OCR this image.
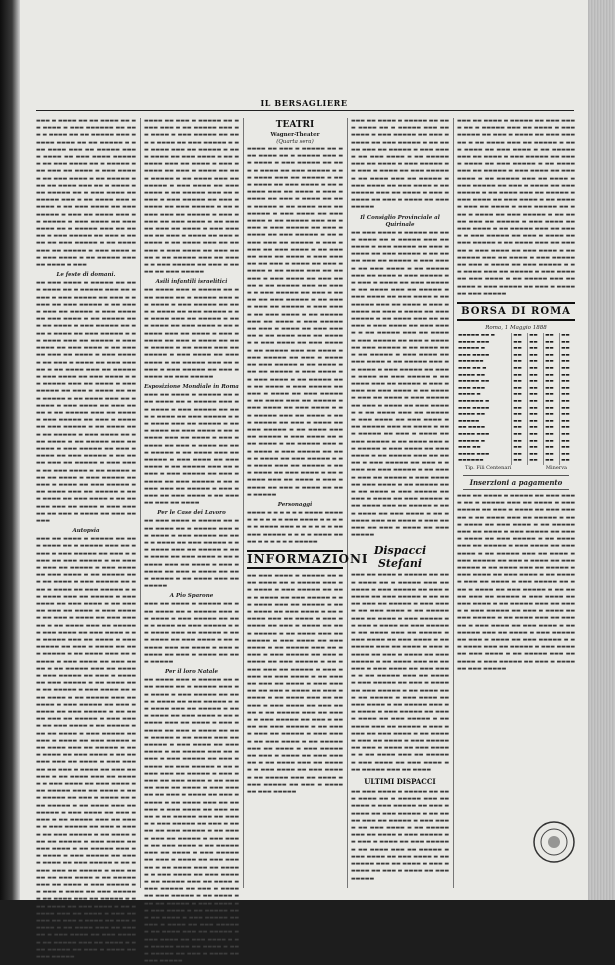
IL BERSAGLIERE
▬▬▬ ▬ ▬▬▬▬ ▬▬ ▬▬ ▬▬▬▬ ▬▬ ▬▬ ▬▬▬▬ ▬ ▬▬▬ ▬▬▬▬▬▬ ▬▬ ▬▬▬ ▬ ▬▬▬▬ ▬▬ ▬▬ ▬▬▬▬▬ ▬▬▬ ▬ ▬▬▬▬ ▬▬▬▬ ▬▬ ▬▬ ▬▬▬▬▬ ▬ ▬▬▬ ▬▬▬▬ ▬▬▬ ▬▬ ▬▬▬▬▬ ▬▬▬ ▬ ▬▬▬▬ ▬▬ ▬▬▬ ▬▬▬▬ ▬▬▬▬▬ ▬ ▬▬ ▬▬▬ ▬▬▬▬ ▬▬ ▬ ▬▬▬▬▬ ▬▬▬ ▬▬▬ ▬▬ ▬▬▬▬ ▬ ▬▬▬ ▬▬▬▬▬ ▬▬ ▬▬▬ ▬▬▬▬ ▬ ▬▬ ▬▬▬▬▬ ▬▬▬ ▬▬ ▬▬▬▬ ▬▬▬ ▬▬ ▬ ▬▬▬▬ ▬▬▬ ▬▬▬▬▬ ▬▬ ▬ ▬▬▬ ▬▬▬▬ ▬▬ ▬▬▬▬▬ ▬▬▬ ▬ ▬▬ ▬▬▬▬ ▬▬▬ ▬▬▬▬▬ ▬ ▬▬ ▬▬▬ ▬▬▬▬ ▬▬ ▬▬▬ ▬▬▬▬▬ ▬ ▬▬▬ ▬▬ ▬▬▬▬ ▬▬▬ ▬▬ ▬▬▬▬▬ ▬ ▬▬▬ ▬▬▬▬ ▬▬ ▬▬▬ ▬▬▬▬ ▬▬ ▬ ▬▬▬▬▬ ▬▬▬ ▬▬ ▬▬▬▬ ▬ ▬▬▬ ▬▬▬▬▬ ▬▬ ▬▬▬ ▬ ▬▬▬▬ ▬▬ ▬▬▬ ▬▬▬▬▬ ▬ ▬▬ ▬▬▬▬ ▬▬▬ ▬▬ ▬▬▬▬▬ ▬ ▬▬▬ ▬▬▬▬ ▬▬ ▬▬▬ ▬▬▬▬ ▬ ▬▬ ▬▬▬▬▬ ▬▬▬ ▬▬ ▬▬▬▬ ▬ ▬▬▬
Le feste di domani.
▬▬ ▬▬▬ ▬▬▬▬ ▬ ▬▬▬▬▬ ▬▬ ▬▬▬ ▬▬▬▬ ▬▬ ▬ ▬▬▬▬▬ ▬▬▬ ▬▬ ▬▬▬▬ ▬ ▬▬▬ ▬▬▬▬▬ ▬▬ ▬▬▬ ▬ ▬▬▬▬ ▬▬ ▬▬▬ ▬▬▬▬▬ ▬ ▬▬ ▬▬▬▬ ▬▬▬ ▬▬ ▬▬▬▬▬ ▬ ▬▬▬ ▬▬▬▬ ▬▬ ▬▬▬ ▬▬▬▬ ▬ ▬▬ ▬▬▬▬▬ ▬▬▬ ▬▬ ▬▬▬▬ ▬ ▬▬▬ ▬▬▬▬▬ ▬▬ ▬▬▬ ▬ ▬▬▬▬ ▬▬ ▬▬▬ ▬▬▬▬▬ ▬ ▬▬ ▬▬▬▬ ▬▬▬ ▬▬ ▬▬▬▬▬ ▬ ▬▬▬ ▬▬▬▬ ▬▬ ▬▬▬ ▬▬▬▬ ▬ ▬▬ ▬▬▬▬▬ ▬▬▬ ▬▬ ▬▬▬▬ ▬ ▬▬▬ ▬▬▬▬▬ ▬▬ ▬▬▬ ▬ ▬▬▬▬ ▬▬ ▬▬▬ ▬▬▬▬▬ ▬ ▬▬ ▬▬▬▬ ▬▬▬ ▬▬ ▬▬▬▬▬ ▬ ▬▬▬ ▬▬▬▬ ▬▬ ▬▬▬ ▬▬▬▬ ▬ ▬▬ ▬▬▬▬▬ ▬▬▬ ▬▬ ▬▬▬▬ ▬ ▬▬▬ ▬▬▬▬▬ ▬▬ ▬▬▬ ▬ ▬▬▬▬ ▬▬ ▬▬▬ ▬▬▬▬▬ ▬ ▬▬ ▬▬▬▬ ▬▬▬ ▬▬ ▬▬▬▬▬ ▬ ▬▬▬ ▬▬▬▬ ▬▬ ▬▬▬ ▬▬▬▬ ▬ ▬▬ ▬▬▬▬▬ ▬▬▬ ▬▬ ▬▬▬▬ ▬ ▬▬▬ ▬▬▬▬▬ ▬▬ ▬▬▬ ▬ ▬▬▬▬ ▬▬ ▬▬▬ ▬▬▬▬▬ ▬ ▬▬ ▬▬▬▬ ▬▬▬ ▬▬ ▬▬▬▬▬ ▬ ▬▬▬ ▬▬▬▬ ▬▬ ▬▬▬ ▬▬▬▬ ▬ ▬▬ ▬▬▬▬▬ ▬▬▬ ▬▬ ▬▬▬▬ ▬ ▬▬▬ ▬▬▬▬▬ ▬▬ ▬▬▬ ▬ ▬▬▬▬ ▬▬ ▬▬▬ ▬▬▬▬▬ ▬ ▬▬ ▬▬▬▬ ▬▬▬ ▬▬ ▬▬▬▬▬ ▬ ▬▬▬ ▬▬▬▬ ▬▬ ▬▬▬ ▬▬▬▬ ▬ ▬▬ ▬▬▬▬▬ ▬▬▬ ▬▬ ▬▬▬▬ ▬ ▬▬▬ ▬▬▬▬▬ ▬▬ ▬▬▬ ▬ ▬▬▬▬ ▬▬ ▬▬▬ ▬▬▬▬▬ ▬ ▬▬ ▬▬▬▬ ▬▬▬ ▬▬ ▬▬▬▬▬ ▬ ▬▬▬ ▬▬▬▬ ▬▬ ▬▬▬ ▬▬▬▬ ▬ ▬▬ ▬▬▬▬▬ ▬▬▬ ▬▬ ▬▬▬▬ ▬ ▬▬▬ ▬▬▬▬▬ ▬▬ ▬▬▬ ▬ ▬▬▬▬ ▬▬ ▬▬▬ ▬▬▬▬▬
Autopsia
▬▬▬ ▬▬ ▬▬▬▬ ▬ ▬▬▬▬▬ ▬▬ ▬▬▬ ▬▬▬▬ ▬▬ ▬ ▬▬▬▬▬ ▬▬▬ ▬▬ ▬▬▬▬ ▬ ▬▬▬ ▬▬▬▬▬ ▬▬ ▬▬▬ ▬ ▬▬▬▬ ▬▬ ▬▬▬ ▬▬▬▬▬ ▬ ▬▬ ▬▬▬▬ ▬▬▬ ▬▬ ▬▬▬▬▬ ▬ ▬▬▬ ▬▬▬▬ ▬▬ ▬▬▬ ▬▬▬▬ ▬ ▬▬ ▬▬▬▬▬ ▬▬▬ ▬▬ ▬▬▬▬ ▬ ▬▬▬ ▬▬▬▬▬ ▬▬ ▬▬▬ ▬ ▬▬▬▬ ▬▬ ▬▬▬ ▬▬▬▬▬ ▬ ▬▬ ▬▬▬▬ ▬▬▬ ▬▬ ▬▬▬▬▬ ▬ ▬▬▬ ▬▬▬▬ ▬▬ ▬▬▬ ▬▬▬▬ ▬ ▬▬ ▬▬▬▬▬ ▬▬▬ ▬▬ ▬▬▬▬ ▬ ▬▬▬ ▬▬▬▬▬ ▬▬ ▬▬▬ ▬ ▬▬▬▬ ▬▬ ▬▬▬ ▬▬▬▬▬ ▬ ▬▬ ▬▬▬▬ ▬▬▬ ▬▬ ▬▬▬▬▬ ▬ ▬▬▬ ▬▬▬▬ ▬▬ ▬▬▬ ▬▬▬▬ ▬ ▬▬ ▬▬▬▬▬ ▬▬▬ ▬▬ ▬▬▬▬ ▬ ▬▬▬ ▬▬▬▬▬ ▬▬ ▬▬▬ ▬ ▬▬▬▬ ▬▬ ▬▬▬ ▬▬▬▬▬ ▬ ▬▬ ▬▬▬▬ ▬▬▬ ▬▬ ▬▬▬▬▬ ▬ ▬▬▬ ▬▬▬▬ ▬▬ ▬▬▬ ▬▬▬▬ ▬ ▬▬ ▬▬▬▬▬ ▬▬▬ ▬▬ ▬▬▬▬ ▬ ▬▬▬ ▬▬▬▬▬ ▬▬ ▬▬▬ ▬ ▬▬▬▬ ▬▬ ▬▬▬ ▬▬▬▬▬ ▬ ▬▬ ▬▬▬▬ ▬▬▬ ▬▬ ▬▬▬▬▬ ▬ ▬▬▬ ▬▬▬▬ ▬▬ ▬▬▬ ▬▬▬▬ ▬ ▬▬ ▬▬▬▬▬ ▬▬▬ ▬▬ ▬▬▬▬ ▬ ▬▬▬ ▬▬▬▬▬ ▬▬ ▬▬▬ ▬ ▬▬▬▬ ▬▬ ▬▬▬ ▬▬▬▬▬ ▬ ▬▬ ▬▬▬▬ ▬▬▬ ▬▬ ▬▬▬▬▬ ▬ ▬▬▬ ▬▬▬▬ ▬▬ ▬▬▬ ▬▬▬▬ ▬ ▬▬ ▬▬▬▬▬ ▬▬▬ ▬▬ ▬▬▬▬ ▬ ▬▬▬ ▬▬▬▬▬ ▬▬ ▬▬▬ ▬ ▬▬▬▬ ▬▬ ▬▬▬ ▬▬▬▬▬ ▬ ▬▬ ▬▬▬▬ ▬▬▬ ▬▬ ▬▬▬▬▬ ▬ ▬▬▬ ▬▬▬▬ ▬▬ ▬▬▬ ▬▬▬▬ ▬ ▬▬ ▬▬▬▬▬ ▬▬▬ ▬▬ ▬▬▬▬ ▬ ▬▬▬ ▬▬▬▬▬ ▬▬ ▬▬▬ ▬ ▬▬▬▬ ▬▬ ▬▬▬ ▬▬▬▬▬ ▬ ▬▬ ▬▬▬▬ ▬▬▬ ▬▬ ▬▬▬▬▬ ▬ ▬▬▬ ▬▬▬▬ ▬▬ ▬▬▬ ▬▬▬▬ ▬ ▬▬ ▬▬▬▬▬ ▬▬▬ ▬▬ ▬▬▬▬ ▬ ▬▬▬ ▬▬▬▬▬ ▬▬ ▬▬▬ ▬ ▬▬▬▬ ▬▬ ▬▬▬ ▬▬▬▬▬ ▬ ▬▬ ▬▬▬▬ ▬▬▬ ▬▬ ▬▬▬▬▬ ▬ ▬▬▬ ▬▬▬▬ ▬▬ ▬▬▬ ▬▬▬▬ ▬ ▬▬ ▬▬▬▬▬ ▬▬▬ ▬▬ ▬▬▬▬ ▬ ▬▬▬ ▬▬▬▬▬ ▬▬ ▬▬▬ ▬ ▬▬▬▬ ▬▬ ▬▬▬ ▬▬▬▬▬ ▬ ▬▬ ▬▬▬▬ ▬▬▬ ▬▬ ▬▬▬▬▬ ▬ ▬▬▬ ▬▬▬▬ ▬▬ ▬▬▬ ▬▬▬▬ ▬ ▬▬ ▬▬▬▬▬ ▬▬▬ ▬▬ ▬▬▬▬ ▬ ▬▬▬ ▬▬▬▬▬ ▬▬ ▬▬▬ ▬ ▬▬▬▬ ▬▬ ▬▬▬ ▬▬▬▬▬ ▬ ▬▬ ▬▬▬▬ ▬▬▬ ▬▬ ▬▬▬▬▬ ▬ ▬▬▬ ▬▬▬▬ ▬▬ ▬▬▬ ▬▬▬▬ ▬ ▬▬ ▬▬▬▬▬ ▬▬▬ ▬▬ ▬▬▬▬ ▬ ▬▬▬ ▬▬▬▬▬ ▬▬ ▬▬▬ ▬ ▬▬▬▬ ▬▬ ▬▬▬ ▬▬▬▬▬ ▬ ▬▬ ▬▬▬▬ ▬▬▬ ▬▬ ▬▬▬▬▬ ▬ ▬▬▬ ▬▬▬▬ ▬▬ ▬▬▬ ▬▬▬▬ ▬ ▬▬ ▬▬▬▬▬ ▬▬▬ ▬▬ ▬▬▬▬ ▬ ▬▬▬ ▬▬▬▬▬ ▬▬ ▬▬▬ ▬ ▬▬▬▬ ▬▬ ▬▬▬ ▬▬▬▬▬ ▬ ▬▬ ▬▬▬▬ ▬▬▬ ▬▬ ▬▬▬▬▬ ▬ ▬▬▬ ▬▬▬▬ ▬▬ ▬▬▬ ▬▬▬▬ ▬ ▬▬ ▬▬▬▬▬ ▬▬▬ ▬▬ ▬▬▬▬ ▬ ▬▬▬ ▬▬▬▬▬ ▬▬ ▬▬▬ ▬ ▬▬▬▬ ▬▬ ▬▬▬ ▬▬▬▬▬
▬▬▬▬ ▬▬ ▬▬▬ ▬ ▬▬▬▬▬ ▬▬ ▬▬▬▬ ▬▬▬ ▬ ▬▬ ▬▬▬▬▬ ▬▬▬ ▬▬ ▬▬▬▬ ▬ ▬▬▬ ▬▬▬▬▬ ▬▬ ▬▬▬ ▬ ▬▬▬▬ ▬▬ ▬▬▬ ▬▬▬▬▬ ▬ ▬▬ ▬▬▬▬ ▬▬▬ ▬▬ ▬▬▬▬▬ ▬ ▬▬▬ ▬▬▬▬ ▬▬ ▬▬▬ ▬▬▬▬ ▬ ▬▬ ▬▬▬▬▬ ▬▬▬ ▬▬ ▬▬▬▬ ▬ ▬▬▬ ▬▬▬▬▬ ▬▬ ▬▬▬ ▬ ▬▬▬▬ ▬▬ ▬▬▬ ▬▬▬▬▬ ▬ ▬▬ ▬▬▬▬ ▬▬▬ ▬▬ ▬▬▬▬▬ ▬ ▬▬▬ ▬▬▬▬ ▬▬ ▬▬▬ ▬▬▬▬ ▬ ▬▬ ▬▬▬▬▬ ▬▬▬ ▬▬ ▬▬▬▬ ▬ ▬▬▬ ▬▬▬▬▬ ▬▬ ▬▬▬ ▬ ▬▬▬▬ ▬▬ ▬▬▬ ▬▬▬▬▬ ▬ ▬▬ ▬▬▬▬ ▬▬▬ ▬▬ ▬▬▬▬▬ ▬ ▬▬▬ ▬▬▬▬ ▬▬ ▬▬▬ ▬▬▬▬ ▬ ▬▬ ▬▬▬▬▬ ▬▬▬ ▬▬ ▬▬▬▬ ▬ ▬▬▬ ▬▬▬▬▬ ▬▬ ▬▬▬ ▬ ▬▬▬▬ ▬▬ ▬▬▬ ▬▬▬▬▬ ▬ ▬▬ ▬▬▬▬ ▬▬▬ ▬▬ ▬▬▬▬▬ ▬ ▬▬▬ ▬▬▬▬ ▬▬ ▬▬▬ ▬▬▬▬ ▬ ▬▬ ▬▬▬▬▬ ▬▬▬ ▬▬ ▬▬▬▬ ▬ ▬▬▬ ▬▬▬▬▬ ▬▬ ▬▬▬ ▬ ▬▬▬▬ ▬▬ ▬▬▬ ▬▬▬▬▬
Asili infantili israelitici
▬▬ ▬▬▬▬ ▬▬▬ ▬ ▬▬▬▬▬ ▬▬ ▬▬▬ ▬▬▬▬ ▬▬ ▬ ▬▬▬▬▬ ▬▬▬ ▬▬ ▬▬▬▬ ▬ ▬▬▬ ▬▬▬▬▬ ▬▬ ▬▬▬ ▬ ▬▬▬▬ ▬▬ ▬▬▬ ▬▬▬▬▬ ▬ ▬▬ ▬▬▬▬ ▬▬▬ ▬▬ ▬▬▬▬▬ ▬ ▬▬▬ ▬▬▬▬ ▬▬ ▬▬▬ ▬▬▬▬ ▬ ▬▬ ▬▬▬▬▬ ▬▬▬ ▬▬ ▬▬▬▬ ▬ ▬▬▬ ▬▬▬▬▬ ▬▬ ▬▬▬ ▬ ▬▬▬▬ ▬▬ ▬▬▬ ▬▬▬▬▬ ▬ ▬▬ ▬▬▬▬ ▬▬▬ ▬▬ ▬▬▬▬▬ ▬ ▬▬▬ ▬▬▬▬ ▬▬ ▬▬▬ ▬▬▬▬ ▬ ▬▬ ▬▬▬▬▬ ▬▬▬ ▬▬ ▬▬▬▬ ▬ ▬▬▬ ▬▬▬▬▬ ▬▬ ▬▬▬ ▬ ▬▬▬▬ ▬▬ ▬▬▬ ▬▬▬▬▬
Esposizione Mondiale in Roma
▬▬▬ ▬▬ ▬▬▬▬ ▬ ▬▬▬▬▬ ▬▬ ▬▬▬ ▬▬▬▬ ▬▬ ▬ ▬▬▬▬▬ ▬▬▬ ▬▬ ▬▬▬▬ ▬ ▬▬▬ ▬▬▬▬▬ ▬▬ ▬▬▬ ▬ ▬▬▬▬ ▬▬ ▬▬▬ ▬▬▬▬▬ ▬ ▬▬ ▬▬▬▬ ▬▬▬ ▬▬ ▬▬▬▬▬ ▬ ▬▬▬ ▬▬▬▬ ▬▬ ▬▬▬ ▬▬▬▬ ▬ ▬▬ ▬▬▬▬▬ ▬▬▬ ▬▬ ▬▬▬▬ ▬ ▬▬▬ ▬▬▬▬▬ ▬▬ ▬▬▬ ▬ ▬▬▬▬ ▬▬ ▬▬▬ ▬▬▬▬▬ ▬ ▬▬ ▬▬▬▬ ▬▬▬ ▬▬ ▬▬▬▬▬ ▬ ▬▬▬ ▬▬▬▬ ▬▬ ▬▬▬ ▬▬▬▬ ▬ ▬▬ ▬▬▬▬▬ ▬▬▬ ▬▬ ▬▬▬▬ ▬ ▬▬▬ ▬▬▬▬▬ ▬▬ ▬▬▬ ▬ ▬▬▬▬ ▬▬ ▬▬▬ ▬▬▬▬▬ ▬ ▬▬ ▬▬▬▬ ▬▬▬ ▬▬ ▬▬▬▬▬ ▬ ▬▬▬ ▬▬▬▬ ▬▬ ▬▬▬ ▬▬▬▬ ▬ ▬▬ ▬▬▬▬▬ ▬▬▬ ▬▬ ▬▬▬▬
Per le Case dei Lavoro
▬▬ ▬▬▬ ▬▬▬▬ ▬ ▬▬▬▬▬ ▬▬ ▬▬▬ ▬▬▬▬ ▬▬ ▬ ▬▬▬▬▬ ▬▬▬ ▬▬ ▬▬▬▬ ▬ ▬▬▬ ▬▬▬▬▬ ▬▬ ▬▬▬ ▬ ▬▬▬▬ ▬▬ ▬▬▬ ▬▬▬▬▬ ▬ ▬▬ ▬▬▬▬ ▬▬▬ ▬▬ ▬▬▬▬▬ ▬ ▬▬▬ ▬▬▬▬ ▬▬ ▬▬▬ ▬▬▬▬ ▬ ▬▬ ▬▬▬▬▬ ▬▬▬ ▬▬ ▬▬▬▬ ▬ ▬▬▬ ▬▬▬▬▬ ▬▬ ▬▬▬ ▬ ▬▬▬▬ ▬▬ ▬▬▬ ▬▬▬▬▬ ▬ ▬▬ ▬▬▬▬ ▬▬▬ ▬▬ ▬▬▬▬▬
A Pio Sparone
▬▬▬ ▬▬ ▬▬▬▬ ▬ ▬▬▬▬▬ ▬▬ ▬▬▬ ▬▬▬▬ ▬▬ ▬ ▬▬▬▬▬ ▬▬▬ ▬▬ ▬▬▬▬ ▬ ▬▬▬ ▬▬▬▬▬ ▬▬ ▬▬▬ ▬ ▬▬▬▬ ▬▬ ▬▬▬ ▬▬▬▬▬ ▬ ▬▬ ▬▬▬▬ ▬▬▬ ▬▬ ▬▬▬▬▬ ▬ ▬▬▬ ▬▬▬▬ ▬▬ ▬▬▬ ▬▬▬▬ ▬ ▬▬ ▬▬▬▬▬ ▬▬▬ ▬▬ ▬▬▬▬ ▬ ▬▬▬ ▬▬▬▬▬ ▬▬ ▬▬▬ ▬ ▬▬▬▬ ▬▬ ▬▬▬ ▬▬▬▬▬
Per il loro Natale
▬▬ ▬▬▬▬ ▬▬▬ ▬ ▬▬▬▬▬ ▬▬ ▬▬▬ ▬▬▬▬ ▬▬ ▬ ▬▬▬▬▬ ▬▬▬ ▬▬ ▬▬▬▬ ▬ ▬▬▬ ▬▬▬▬▬ ▬▬ ▬▬▬ ▬ ▬▬▬▬ ▬▬ ▬▬▬ ▬▬▬▬▬ ▬ ▬▬ ▬▬▬▬ ▬▬▬ ▬▬ ▬▬▬▬▬ ▬ ▬▬▬ ▬▬▬▬ ▬▬ ▬▬▬ ▬▬▬▬ ▬ ▬▬ ▬▬▬▬▬ ▬▬▬ ▬▬ ▬▬▬▬ ▬ ▬▬▬ ▬▬▬▬▬ ▬▬ ▬▬▬ ▬ ▬▬▬▬ ▬▬ ▬▬▬ ▬▬▬▬▬ ▬ ▬▬ ▬▬▬▬ ▬▬▬ ▬▬ ▬▬▬▬▬ ▬ ▬▬▬ ▬▬▬▬ ▬▬ ▬▬▬ ▬▬▬▬ ▬ ▬▬ ▬▬▬▬▬ ▬▬▬ ▬▬ ▬▬▬▬ ▬ ▬▬▬ ▬▬▬▬▬ ▬▬ ▬▬▬ ▬ ▬▬▬▬ ▬▬ ▬▬▬ ▬▬▬▬▬ ▬ ▬▬ ▬▬▬▬ ▬▬▬ ▬▬ ▬▬▬▬▬ ▬ ▬▬▬ ▬▬▬▬ ▬▬ ▬▬▬ ▬▬▬▬ ▬ ▬▬ ▬▬▬▬▬ ▬▬▬ ▬▬ ▬▬▬▬ ▬ ▬▬▬ ▬▬▬▬▬ ▬▬ ▬▬▬ ▬ ▬▬▬▬ ▬▬ ▬▬▬ ▬▬▬▬▬ ▬ ▬▬ ▬▬▬▬ ▬▬▬ ▬▬ ▬▬▬▬▬ ▬ ▬▬▬ ▬▬▬▬ ▬▬ ▬▬▬ ▬▬▬▬ ▬ ▬▬ ▬▬▬▬▬ ▬▬▬ ▬▬ ▬▬▬▬ ▬ ▬▬▬ ▬▬▬▬▬ ▬▬ ▬▬▬ ▬ ▬▬▬▬ ▬▬ ▬▬▬ ▬▬▬▬▬ ▬ ▬▬ ▬▬▬▬ ▬▬▬ ▬▬ ▬▬▬▬▬ ▬ ▬▬▬ ▬▬▬▬ ▬▬ ▬▬▬ ▬▬▬▬ ▬ ▬▬ ▬▬▬▬▬ ▬▬▬ ▬▬ ▬▬▬▬ ▬ ▬▬▬ ▬▬▬▬▬ ▬▬ ▬▬▬ ▬ ▬▬▬▬ ▬▬ ▬▬▬ ▬▬▬▬▬ ▬ ▬▬ ▬▬▬▬ ▬▬▬ ▬▬ ▬▬▬▬▬ ▬ ▬▬▬ ▬▬▬▬ ▬▬ ▬▬▬ ▬▬▬▬ ▬ ▬▬ ▬▬▬▬▬ ▬▬▬ ▬▬ ▬▬▬▬ ▬ ▬▬▬ ▬▬▬▬▬ ▬▬ ▬▬▬ ▬ ▬▬▬▬ ▬▬ ▬▬▬ ▬▬▬▬▬ ▬ ▬▬ ▬▬▬▬ ▬▬▬ ▬▬ ▬▬▬▬▬ ▬ ▬▬▬ ▬▬▬▬ ▬▬ ▬▬▬ ▬▬▬▬ ▬ ▬▬ ▬▬▬▬▬ ▬▬▬ ▬▬ ▬▬▬▬ ▬ ▬▬▬ ▬▬▬▬▬ ▬▬ ▬▬▬ ▬ ▬▬▬▬ ▬▬ ▬▬▬ ▬▬▬▬▬ ▬ ▬▬ ▬▬▬▬ ▬▬▬ ▬▬ ▬▬▬▬▬ ▬ ▬▬▬ ▬▬▬▬ ▬▬ ▬▬▬ ▬▬▬▬ ▬ ▬▬ ▬▬▬▬▬ ▬▬▬ ▬▬ ▬▬▬▬ ▬ ▬▬▬ ▬▬▬▬▬ ▬▬ ▬▬▬ ▬ ▬▬▬▬ ▬▬ ▬▬▬ ▬▬▬▬▬
TEATRI
Wagner-Theater
(Quarta sera)
▬▬▬▬ ▬▬ ▬▬▬ ▬ ▬▬▬▬▬ ▬▬ ▬▬▬ ▬▬▬▬ ▬▬ ▬ ▬▬▬▬▬ ▬▬▬ ▬▬ ▬▬▬▬ ▬ ▬▬▬ ▬▬▬▬▬ ▬▬ ▬▬▬ ▬ ▬▬▬▬ ▬▬ ▬▬▬ ▬▬▬▬▬ ▬ ▬▬ ▬▬▬▬ ▬▬▬ ▬▬ ▬▬▬▬▬ ▬ ▬▬▬ ▬▬▬▬ ▬▬ ▬▬▬ ▬▬▬▬ ▬ ▬▬ ▬▬▬▬▬ ▬▬▬ ▬▬ ▬▬▬▬ ▬ ▬▬▬ ▬▬▬▬▬ ▬▬ ▬▬▬ ▬ ▬▬▬▬ ▬▬ ▬▬▬ ▬▬▬▬▬ ▬ ▬▬ ▬▬▬▬ ▬▬▬ ▬▬ ▬▬▬▬▬ ▬ ▬▬▬ ▬▬▬▬ ▬▬ ▬▬▬ ▬▬▬▬ ▬ ▬▬ ▬▬▬▬▬ ▬▬▬ ▬▬ ▬▬▬▬ ▬ ▬▬▬ ▬▬▬▬▬ ▬▬ ▬▬▬ ▬ ▬▬▬▬ ▬▬ ▬▬▬ ▬▬▬▬▬ ▬ ▬▬ ▬▬▬▬ ▬▬▬ ▬▬ ▬▬▬▬▬ ▬ ▬▬▬ ▬▬▬▬ ▬▬ ▬▬▬ ▬▬▬▬ ▬ ▬▬ ▬▬▬▬▬ ▬▬▬ ▬▬ ▬▬▬▬ ▬ ▬▬▬ ▬▬▬▬▬ ▬▬ ▬▬▬ ▬ ▬▬▬▬ ▬▬ ▬▬▬ ▬▬▬▬▬ ▬ ▬▬ ▬▬▬▬ ▬▬▬ ▬▬ ▬▬▬▬▬ ▬ ▬▬▬ ▬▬▬▬ ▬▬ ▬▬▬ ▬▬▬▬ ▬ ▬▬ ▬▬▬▬▬ ▬▬▬ ▬▬ ▬▬▬▬ ▬ ▬▬▬ ▬▬▬▬▬ ▬▬ ▬▬▬ ▬ ▬▬▬▬ ▬▬ ▬▬▬ ▬▬▬▬▬ ▬ ▬▬ ▬▬▬▬ ▬▬▬ ▬▬ ▬▬▬▬▬ ▬ ▬▬▬ ▬▬▬▬ ▬▬ ▬▬▬ ▬▬▬▬ ▬ ▬▬ ▬▬▬▬▬ ▬▬▬ ▬▬ ▬▬▬▬ ▬ ▬▬▬ ▬▬▬▬▬ ▬▬ ▬▬▬ ▬ ▬▬▬▬ ▬▬ ▬▬▬ ▬▬▬▬▬ ▬ ▬▬ ▬▬▬▬ ▬▬▬ ▬▬ ▬▬▬▬▬ ▬ ▬▬▬ ▬▬▬▬ ▬▬ ▬▬▬ ▬▬▬▬ ▬ ▬▬ ▬▬▬▬▬ ▬▬▬ ▬▬ ▬▬▬▬ ▬ ▬▬▬ ▬▬▬▬▬ ▬▬ ▬▬▬ ▬ ▬▬▬▬ ▬▬ ▬▬▬ ▬▬▬▬▬ ▬ ▬▬ ▬▬▬▬ ▬▬▬ ▬▬ ▬▬▬▬▬ ▬ ▬▬▬ ▬▬▬▬ ▬▬ ▬▬▬ ▬▬▬▬ ▬ ▬▬ ▬▬▬▬▬ ▬▬▬ ▬▬ ▬▬▬▬ ▬ ▬▬▬ ▬▬▬▬▬ ▬▬ ▬▬▬ ▬ ▬▬▬▬ ▬▬ ▬▬▬ ▬▬▬▬▬ ▬ ▬▬ ▬▬▬▬ ▬▬▬ ▬▬ ▬▬▬▬▬ ▬ ▬▬▬ ▬▬▬▬ ▬▬ ▬▬▬ ▬▬▬▬ ▬ ▬▬ ▬▬▬▬▬ ▬▬▬ ▬▬ ▬▬▬▬ ▬ ▬▬▬ ▬▬▬▬▬ ▬▬ ▬▬▬ ▬ ▬▬▬▬ ▬▬ ▬▬▬ ▬▬▬▬▬ ▬ ▬▬ ▬▬▬▬ ▬▬▬ ▬▬ ▬▬▬▬▬ ▬ ▬▬▬ ▬▬▬▬ ▬▬ ▬▬▬ ▬▬▬▬ ▬ ▬▬ ▬▬▬▬▬ ▬▬▬ ▬▬ ▬▬▬▬ ▬ ▬▬▬ ▬▬▬▬▬ ▬▬ ▬▬▬ ▬ ▬▬▬▬ ▬▬ ▬▬▬ ▬▬▬▬▬ ▬ ▬▬ ▬▬▬▬ ▬▬▬ ▬▬ ▬▬▬▬▬ ▬ ▬▬▬ ▬▬▬▬ ▬▬ ▬▬▬ ▬▬▬▬ ▬ ▬▬ ▬▬▬▬▬ ▬▬▬ ▬▬ ▬▬▬▬ ▬ ▬▬▬ ▬▬▬▬▬ ▬▬ ▬▬▬ ▬ ▬▬▬▬ ▬▬ ▬▬▬ ▬▬▬▬▬
Personaggi
▬▬▬▬ ▬ ▬ ▬ ▬ ▬ ▬ ▬▬▬▬ ▬▬▬▬▬ ▬ ▬ ▬ ▬ ▬ ▬▬▬ ▬▬▬▬ ▬ ▬ ▬ ▬ ▬ ▬ ▬▬▬▬ ▬▬▬ ▬ ▬ ▬ ▬ ▬ ▬ ▬▬▬▬▬ ▬▬▬▬▬ ▬ ▬ ▬ ▬ ▬▬▬▬ ▬▬▬▬ ▬ ▬ ▬ ▬ ▬ ▬ ▬▬▬▬▬
INFORMAZIONI
▬▬ ▬▬▬ ▬▬▬▬ ▬ ▬▬▬▬▬ ▬▬ ▬▬▬ ▬▬▬▬ ▬▬ ▬ ▬▬▬▬▬ ▬▬▬ ▬▬ ▬▬▬▬ ▬ ▬▬▬ ▬▬▬▬▬ ▬▬ ▬▬▬ ▬ ▬▬▬▬ ▬▬ ▬▬▬ ▬▬▬▬▬ ▬ ▬▬ ▬▬▬▬ ▬▬▬ ▬▬ ▬▬▬▬▬ ▬ ▬▬▬ ▬▬▬▬ ▬▬ ▬▬▬ ▬▬▬▬ ▬ ▬▬ ▬▬▬▬▬ ▬▬▬ ▬▬ ▬▬▬▬ ▬ ▬▬▬ ▬▬▬▬▬ ▬▬ ▬▬▬ ▬ ▬▬▬▬ ▬▬ ▬▬▬ ▬▬▬▬▬ ▬ ▬▬ ▬▬▬▬ ▬▬▬ ▬▬ ▬▬▬▬▬ ▬ ▬▬▬ ▬▬▬▬ ▬▬ ▬▬▬ ▬▬▬▬ ▬ ▬▬ ▬▬▬▬▬ ▬▬▬ ▬▬ ▬▬▬▬ ▬ ▬▬▬ ▬▬▬▬▬ ▬▬ ▬▬▬ ▬ ▬▬▬▬ ▬▬ ▬▬▬ ▬▬▬▬▬ ▬ ▬▬ ▬▬▬▬ ▬▬▬ ▬▬ ▬▬▬▬▬ ▬ ▬▬▬ ▬▬▬▬ ▬▬ ▬▬▬ ▬▬▬▬ ▬ ▬▬ ▬▬▬▬▬ ▬▬▬ ▬▬ ▬▬▬▬ ▬ ▬▬▬ ▬▬▬▬▬ ▬▬ ▬▬▬ ▬ ▬▬▬▬ ▬▬ ▬▬▬ ▬▬▬▬▬ ▬ ▬▬ ▬▬▬▬ ▬▬▬ ▬▬ ▬▬▬▬▬ ▬ ▬▬▬ ▬▬▬▬ ▬▬ ▬▬▬ ▬▬▬▬ ▬ ▬▬ ▬▬▬▬▬ ▬▬▬ ▬▬ ▬▬▬▬ ▬ ▬▬▬ ▬▬▬▬▬ ▬▬ ▬▬▬ ▬ ▬▬▬▬ ▬▬ ▬▬▬ ▬▬▬▬▬ ▬ ▬▬ ▬▬▬▬ ▬▬▬ ▬▬ ▬▬▬▬▬ ▬ ▬▬▬ ▬▬▬▬ ▬▬ ▬▬▬ ▬▬▬▬ ▬ ▬▬ ▬▬▬▬▬ ▬▬▬ ▬▬ ▬▬▬▬ ▬ ▬▬▬ ▬▬▬▬▬ ▬▬ ▬▬▬ ▬ ▬▬▬▬ ▬▬ ▬▬▬ ▬▬▬▬▬ ▬ ▬▬ ▬▬▬▬ ▬▬▬ ▬▬ ▬▬▬▬▬ ▬ ▬▬▬ ▬▬▬▬ ▬▬ ▬▬▬ ▬▬▬▬ ▬ ▬▬ ▬▬▬▬▬ ▬▬▬ ▬▬ ▬▬▬▬ ▬ ▬▬▬ ▬▬▬▬▬ ▬▬ ▬▬▬ ▬ ▬▬▬▬ ▬▬ ▬▬▬ ▬▬▬▬▬
▬▬▬ ▬▬ ▬▬▬▬ ▬ ▬▬▬▬▬ ▬▬ ▬▬▬ ▬▬▬▬ ▬▬ ▬ ▬▬▬▬▬ ▬▬▬ ▬▬ ▬▬▬▬ ▬ ▬▬▬ ▬▬▬▬▬ ▬▬ ▬▬▬ ▬ ▬▬▬▬ ▬▬ ▬▬▬ ▬▬▬▬▬ ▬ ▬▬ ▬▬▬▬ ▬▬▬ ▬▬ ▬▬▬▬▬ ▬ ▬▬▬ ▬▬▬▬ ▬▬ ▬▬▬ ▬▬▬▬ ▬ ▬▬ ▬▬▬▬▬ ▬▬▬ ▬▬ ▬▬▬▬ ▬ ▬▬▬ ▬▬▬▬▬ ▬▬ ▬▬▬ ▬ ▬▬▬▬ ▬▬ ▬▬▬ ▬▬▬▬▬ ▬ ▬▬ ▬▬▬▬ ▬▬▬ ▬▬ ▬▬▬▬▬ ▬ ▬▬▬ ▬▬▬▬ ▬▬ ▬▬▬ ▬▬▬▬ ▬ ▬▬ ▬▬▬▬▬ ▬▬▬ ▬▬ ▬▬▬▬ ▬ ▬▬▬ ▬▬▬▬▬ ▬▬ ▬▬▬ ▬ ▬▬▬▬ ▬▬ ▬▬▬ ▬▬▬▬▬
Il Consiglio Provinciale al Quirinale
▬▬ ▬▬▬ ▬▬▬▬ ▬ ▬▬▬▬▬ ▬▬ ▬▬▬ ▬▬▬▬ ▬▬ ▬ ▬▬▬▬▬ ▬▬▬ ▬▬ ▬▬▬▬ ▬ ▬▬▬ ▬▬▬▬▬ ▬▬ ▬▬▬ ▬ ▬▬▬▬ ▬▬ ▬▬▬ ▬▬▬▬▬ ▬ ▬▬ ▬▬▬▬ ▬▬▬ ▬▬ ▬▬▬▬▬ ▬ ▬▬▬ ▬▬▬▬ ▬▬ ▬▬▬ ▬▬▬▬ ▬ ▬▬ ▬▬▬▬▬ ▬▬▬ ▬▬ ▬▬▬▬ ▬ ▬▬▬ ▬▬▬▬▬ ▬▬ ▬▬▬ ▬ ▬▬▬▬ ▬▬ ▬▬▬ ▬▬▬▬▬ ▬ ▬▬ ▬▬▬▬ ▬▬▬ ▬▬ ▬▬▬▬▬ ▬ ▬▬▬ ▬▬▬▬ ▬▬ ▬▬▬ ▬▬▬▬ ▬ ▬▬ ▬▬▬▬▬ ▬▬▬ ▬▬ ▬▬▬▬ ▬ ▬▬▬ ▬▬▬▬▬ ▬▬ ▬▬▬ ▬ ▬▬▬▬ ▬▬ ▬▬▬ ▬▬▬▬▬ ▬ ▬▬ ▬▬▬▬ ▬▬▬ ▬▬ ▬▬▬▬▬ ▬ ▬▬▬ ▬▬▬▬ ▬▬ ▬▬▬ ▬▬▬▬ ▬ ▬▬ ▬▬▬▬▬ ▬▬▬ ▬▬ ▬▬▬▬ ▬ ▬▬▬ ▬▬▬▬▬ ▬▬ ▬▬▬ ▬ ▬▬▬▬ ▬▬ ▬▬▬ ▬▬▬▬▬ ▬ ▬▬ ▬▬▬▬ ▬▬▬ ▬▬ ▬▬▬▬▬ ▬ ▬▬▬ ▬▬▬▬ ▬▬ ▬▬▬ ▬▬▬▬ ▬ ▬▬ ▬▬▬▬▬ ▬▬▬ ▬▬ ▬▬▬▬ ▬ ▬▬▬ ▬▬▬▬▬ ▬▬ ▬▬▬ ▬ ▬▬▬▬ ▬▬ ▬▬▬ ▬▬▬▬▬ ▬ ▬▬ ▬▬▬▬ ▬▬▬ ▬▬ ▬▬▬▬▬ ▬ ▬▬▬ ▬▬▬▬ ▬▬ ▬▬▬ ▬▬▬▬ ▬ ▬▬ ▬▬▬▬▬ ▬▬▬ ▬▬ ▬▬▬▬ ▬ ▬▬▬ ▬▬▬▬▬ ▬▬ ▬▬▬ ▬ ▬▬▬▬ ▬▬ ▬▬▬ ▬▬▬▬▬ ▬ ▬▬ ▬▬▬▬ ▬▬▬ ▬▬ ▬▬▬▬▬ ▬ ▬▬▬ ▬▬▬▬ ▬▬ ▬▬▬ ▬▬▬▬ ▬ ▬▬ ▬▬▬▬▬ ▬▬▬ ▬▬ ▬▬▬▬ ▬ ▬▬▬ ▬▬▬▬▬ ▬▬ ▬▬▬ ▬ ▬▬▬▬ ▬▬ ▬▬▬ ▬▬▬▬▬ ▬ ▬▬ ▬▬▬▬ ▬▬▬ ▬▬ ▬▬▬▬▬ ▬ ▬▬▬ ▬▬▬▬ ▬▬ ▬▬▬ ▬▬▬▬ ▬ ▬▬ ▬▬▬▬▬ ▬▬▬ ▬▬ ▬▬▬▬ ▬ ▬▬▬ ▬▬▬▬▬ ▬▬ ▬▬▬ ▬ ▬▬▬▬ ▬▬ ▬▬▬ ▬▬▬▬▬ ▬ ▬▬ ▬▬▬▬ ▬▬▬ ▬▬ ▬▬▬▬▬ ▬ ▬▬▬ ▬▬▬▬ ▬▬ ▬▬▬ ▬▬▬▬ ▬ ▬▬ ▬▬▬▬▬ ▬▬▬ ▬▬ ▬▬▬▬ ▬ ▬▬▬ ▬▬▬▬▬ ▬▬ ▬▬▬ ▬ ▬▬▬▬ ▬▬ ▬▬▬ ▬▬▬▬▬ ▬ ▬▬ ▬▬▬▬ ▬▬▬ ▬▬ ▬▬▬▬▬ ▬ ▬▬▬ ▬▬▬▬ ▬▬ ▬▬▬ ▬▬▬▬ ▬ ▬▬ ▬▬▬▬▬ ▬▬▬ ▬▬ ▬▬▬▬ ▬ ▬▬▬ ▬▬▬▬▬ ▬▬ ▬▬▬ ▬ ▬▬▬▬ ▬▬ ▬▬▬ ▬▬▬▬▬
Dispacci Stefani
▬▬▬ ▬▬ ▬▬▬▬ ▬ ▬▬▬▬▬ ▬▬ ▬▬▬ ▬▬▬▬ ▬▬ ▬ ▬▬▬▬▬ ▬▬▬ ▬▬ ▬▬▬▬ ▬ ▬▬▬ ▬▬▬▬▬ ▬▬ ▬▬▬ ▬ ▬▬▬▬ ▬▬ ▬▬▬ ▬▬▬▬▬ ▬ ▬▬ ▬▬▬▬ ▬▬▬ ▬▬ ▬▬▬▬▬ ▬ ▬▬▬ ▬▬▬▬ ▬▬ ▬▬▬ ▬▬▬▬ ▬ ▬▬ ▬▬▬▬▬ ▬▬▬ ▬▬ ▬▬▬▬ ▬ ▬▬▬ ▬▬▬▬▬ ▬▬ ▬▬▬ ▬ ▬▬▬▬ ▬▬ ▬▬▬ ▬▬▬▬▬ ▬ ▬▬ ▬▬▬▬ ▬▬▬ ▬▬ ▬▬▬▬▬ ▬ ▬▬▬ ▬▬▬▬ ▬▬ ▬▬▬ ▬▬▬▬ ▬ ▬▬ ▬▬▬▬▬ ▬▬▬ ▬▬ ▬▬▬▬ ▬ ▬▬▬ ▬▬▬▬▬ ▬▬ ▬▬▬ ▬ ▬▬▬▬ ▬▬ ▬▬▬ ▬▬▬▬▬ ▬ ▬▬ ▬▬▬▬ ▬▬▬ ▬▬ ▬▬▬▬▬ ▬ ▬▬▬ ▬▬▬▬ ▬▬ ▬▬▬ ▬▬▬▬ ▬ ▬▬ ▬▬▬▬▬ ▬▬▬ ▬▬ ▬▬▬▬ ▬ ▬▬▬ ▬▬▬▬▬ ▬▬ ▬▬▬ ▬ ▬▬▬▬ ▬▬ ▬▬▬ ▬▬▬▬▬ ▬ ▬▬ ▬▬▬▬ ▬▬▬ ▬▬ ▬▬▬▬▬ ▬ ▬▬▬ ▬▬▬▬ ▬▬ ▬▬▬ ▬▬▬▬ ▬ ▬▬ ▬▬▬▬▬ ▬▬▬ ▬▬ ▬▬▬▬ ▬ ▬▬▬ ▬▬▬▬▬ ▬▬ ▬▬▬ ▬ ▬▬▬▬ ▬▬ ▬▬▬ ▬▬▬▬▬ ▬ ▬▬ ▬▬▬▬ ▬▬▬ ▬▬ ▬▬▬▬▬ ▬ ▬▬▬ ▬▬▬▬ ▬▬ ▬▬▬ ▬▬▬▬ ▬ ▬▬ ▬▬▬▬▬ ▬▬▬ ▬▬ ▬▬▬▬ ▬ ▬▬▬ ▬▬▬▬▬ ▬▬ ▬▬▬ ▬ ▬▬▬▬ ▬▬ ▬▬▬ ▬▬▬▬▬ ▬ ▬▬ ▬▬▬▬ ▬▬▬ ▬▬ ▬▬▬▬▬ ▬ ▬▬▬ ▬▬▬▬ ▬▬ ▬▬▬ ▬▬▬▬ ▬ ▬▬ ▬▬▬▬▬ ▬▬▬ ▬▬ ▬▬▬▬
ULTIMI DISPACCI
▬▬ ▬▬▬ ▬▬▬▬ ▬ ▬▬▬▬▬ ▬▬ ▬▬▬ ▬▬▬▬ ▬▬ ▬ ▬▬▬▬▬ ▬▬▬ ▬▬ ▬▬▬▬ ▬ ▬▬▬ ▬▬▬▬▬ ▬▬ ▬▬▬ ▬ ▬▬▬▬ ▬▬ ▬▬▬ ▬▬▬▬▬ ▬ ▬▬ ▬▬▬▬ ▬▬▬ ▬▬ ▬▬▬▬▬ ▬ ▬▬▬ ▬▬▬▬ ▬▬ ▬▬▬ ▬▬▬▬ ▬ ▬▬ ▬▬▬▬▬ ▬▬▬ ▬▬ ▬▬▬▬ ▬ ▬▬▬ ▬▬▬▬▬ ▬▬ ▬▬▬ ▬ ▬▬▬▬ ▬▬ ▬▬▬ ▬▬▬▬▬ ▬ ▬▬ ▬▬▬▬ ▬▬▬ ▬▬ ▬▬▬▬▬ ▬ ▬▬▬ ▬▬▬▬ ▬▬ ▬▬▬ ▬▬▬▬ ▬ ▬▬ ▬▬▬▬▬ ▬▬▬ ▬▬ ▬▬▬▬ ▬ ▬▬▬ ▬▬▬▬▬ ▬▬ ▬▬▬ ▬ ▬▬▬▬ ▬▬ ▬▬▬ ▬▬▬▬▬
▬▬▬ ▬▬ ▬▬▬▬ ▬ ▬▬▬▬▬ ▬▬ ▬▬▬ ▬▬▬▬ ▬▬ ▬ ▬▬▬▬▬ ▬▬▬ ▬▬ ▬▬▬▬ ▬ ▬▬▬ ▬▬▬▬▬ ▬▬ ▬▬▬ ▬ ▬▬▬▬ ▬▬ ▬▬▬ ▬▬▬▬▬ ▬ ▬▬ ▬▬▬▬ ▬▬▬ ▬▬ ▬▬▬▬▬ ▬ ▬▬▬ ▬▬▬▬ ▬▬ ▬▬▬ ▬▬▬▬ ▬ ▬▬ ▬▬▬▬▬ ▬▬▬ ▬▬ ▬▬▬▬ ▬ ▬▬▬ ▬▬▬▬▬ ▬▬ ▬▬▬ ▬ ▬▬▬▬ ▬▬ ▬▬▬ ▬▬▬▬▬ ▬ ▬▬ ▬▬▬▬ ▬▬▬ ▬▬ ▬▬▬▬▬ ▬ ▬▬▬ ▬▬▬▬ ▬▬ ▬▬▬ ▬▬▬▬ ▬ ▬▬ ▬▬▬▬▬ ▬▬▬ ▬▬ ▬▬▬▬ ▬ ▬▬▬ ▬▬▬▬▬ ▬▬ ▬▬▬ ▬ ▬▬▬▬ ▬▬ ▬▬▬ ▬▬▬▬▬ ▬ ▬▬ ▬▬▬▬ ▬▬▬ ▬▬ ▬▬▬▬▬ ▬ ▬▬▬ ▬▬▬▬ ▬▬ ▬▬▬ ▬▬▬▬ ▬ ▬▬ ▬▬▬▬▬ ▬▬▬ ▬▬ ▬▬▬▬ ▬ ▬▬▬ ▬▬▬▬▬ ▬▬ ▬▬▬ ▬ ▬▬▬▬ ▬▬ ▬▬▬ ▬▬▬▬▬ ▬ ▬▬ ▬▬▬▬ ▬▬▬ ▬▬ ▬▬▬▬▬ ▬ ▬▬▬ ▬▬▬▬ ▬▬ ▬▬▬ ▬▬▬▬ ▬ ▬▬ ▬▬▬▬▬ ▬▬▬ ▬▬ ▬▬▬▬ ▬ ▬▬▬ ▬▬▬▬▬ ▬▬ ▬▬▬ ▬ ▬▬▬▬ ▬▬ ▬▬▬ ▬▬▬▬▬ ▬ ▬▬ ▬▬▬▬ ▬▬▬ ▬▬ ▬▬▬▬▬ ▬ ▬▬▬ ▬▬▬▬ ▬▬ ▬▬▬ ▬▬▬▬ ▬ ▬▬ ▬▬▬▬▬ ▬▬▬ ▬▬ ▬▬▬▬ ▬ ▬▬▬ ▬▬▬▬▬ ▬▬ ▬▬▬ ▬ ▬▬▬▬ ▬▬ ▬▬▬ ▬▬▬▬▬ ▬ ▬▬ ▬▬▬▬ ▬▬▬ ▬▬ ▬▬▬▬▬ ▬ ▬▬▬ ▬▬▬▬ ▬▬ ▬▬▬ ▬▬▬▬ ▬ ▬▬ ▬▬▬▬▬ ▬▬▬ ▬▬ ▬▬▬▬ ▬ ▬▬▬ ▬▬▬▬▬ ▬▬ ▬▬▬ ▬ ▬▬▬▬ ▬▬ ▬▬▬ ▬▬▬▬▬
BORSA DI ROMA
Roma, 1 Maggio 1888
▬▬▬▬▬ ▬▬ ▬	▬▬	▬▬	▬▬	▬▬
▬▬▬▬ ▬▬▬	▬▬	▬▬	▬▬	▬▬
▬▬▬▬▬ ▬	▬▬	▬▬	▬▬	▬▬
▬▬▬ ▬▬▬▬	▬▬	▬▬	▬▬	▬▬
▬▬▬▬▬▬	▬▬	▬▬	▬▬	▬▬
▬▬▬ ▬▬ ▬	▬▬	▬▬	▬▬	▬▬
▬▬▬▬ ▬▬	▬▬	▬▬	▬▬	▬▬
▬▬▬▬▬ ▬▬	▬▬	▬▬	▬▬	▬▬
▬▬▬ ▬▬▬	▬▬	▬▬	▬▬	▬▬
▬▬▬▬ ▬	▬▬	▬▬	▬▬	▬▬
▬▬▬▬▬▬ ▬	▬▬	▬▬	▬▬	▬▬
▬▬▬ ▬▬▬▬	▬▬	▬▬	▬▬	▬▬
▬▬▬▬ ▬▬	▬▬	▬▬	▬▬	▬▬
▬▬▬▬▬	▬▬	▬▬	▬▬	▬▬
▬▬ ▬▬▬▬	▬▬	▬▬	▬▬	▬▬
▬▬▬▬ ▬▬▬	▬▬	▬▬	▬▬	▬▬
▬▬▬▬▬ ▬	▬▬	▬▬	▬▬	▬▬
▬▬▬ ▬▬	▬▬	▬▬	▬▬	▬▬
▬▬▬▬ ▬▬▬	▬▬	▬▬	▬▬	▬▬
▬▬▬▬▬▬	▬▬	▬▬	▬▬	▬▬
Tip. Fili Centenari	Minerva
Inserzioni a pagamento
▬▬▬ ▬▬ ▬▬▬▬ ▬ ▬▬▬▬▬ ▬▬ ▬▬▬ ▬▬▬▬ ▬▬ ▬ ▬▬▬▬▬ ▬▬▬ ▬▬ ▬▬▬▬ ▬ ▬▬▬ ▬▬▬▬▬ ▬▬ ▬▬▬ ▬ ▬▬▬▬ ▬▬ ▬▬▬ ▬▬▬▬▬ ▬ ▬▬ ▬▬▬▬ ▬▬▬ ▬▬ ▬▬▬▬▬ ▬ ▬▬▬ ▬▬▬▬ ▬▬ ▬▬▬ ▬▬▬▬ ▬ ▬▬ ▬▬▬▬▬ ▬▬▬ ▬▬ ▬▬▬▬ ▬ ▬▬▬ ▬▬▬▬▬ ▬▬ ▬▬▬ ▬ ▬▬▬▬ ▬▬ ▬▬▬ ▬▬▬▬▬ ▬ ▬▬ ▬▬▬▬ ▬▬▬ ▬▬ ▬▬▬▬▬ ▬ ▬▬▬ ▬▬▬▬ ▬▬ ▬▬▬ ▬▬▬▬ ▬ ▬▬ ▬▬▬▬▬ ▬▬▬ ▬▬ ▬▬▬▬ ▬ ▬▬▬ ▬▬▬▬▬ ▬▬ ▬▬▬ ▬ ▬▬▬▬ ▬▬ ▬▬▬ ▬▬▬▬▬ ▬ ▬▬ ▬▬▬▬ ▬▬▬ ▬▬ ▬▬▬▬▬ ▬ ▬▬▬ ▬▬▬▬ ▬▬ ▬▬▬ ▬▬▬▬ ▬ ▬▬ ▬▬▬▬▬ ▬▬▬ ▬▬ ▬▬▬▬ ▬ ▬▬▬ ▬▬▬▬▬ ▬▬ ▬▬▬ ▬ ▬▬▬▬ ▬▬ ▬▬▬ ▬▬▬▬▬ ▬ ▬▬ ▬▬▬▬ ▬▬▬ ▬▬ ▬▬▬▬▬ ▬ ▬▬▬ ▬▬▬▬ ▬▬ ▬▬▬ ▬▬▬▬ ▬ ▬▬ ▬▬▬▬▬ ▬▬▬ ▬▬ ▬▬▬▬ ▬ ▬▬▬ ▬▬▬▬▬ ▬▬ ▬▬▬ ▬ ▬▬▬▬ ▬▬ ▬▬▬ ▬▬▬▬▬ ▬ ▬▬ ▬▬▬▬ ▬▬▬ ▬▬ ▬▬▬▬▬ ▬ ▬▬▬ ▬▬▬▬ ▬▬ ▬▬▬ ▬▬▬▬ ▬ ▬▬ ▬▬▬▬▬ ▬▬▬ ▬▬ ▬▬▬▬ ▬ ▬▬▬ ▬▬▬▬▬ ▬▬ ▬▬▬ ▬ ▬▬▬▬ ▬▬ ▬▬▬ ▬▬▬▬▬ ▬ ▬▬ ▬▬▬▬ ▬▬▬ ▬▬ ▬▬▬▬▬ ▬ ▬▬▬ ▬▬▬▬ ▬▬ ▬▬▬ ▬▬▬▬ ▬ ▬▬ ▬▬▬▬▬ ▬▬▬ ▬▬ ▬▬▬▬ ▬ ▬▬▬ ▬▬▬▬▬ ▬▬ ▬▬▬ ▬ ▬▬▬▬ ▬▬ ▬▬▬ ▬▬▬▬▬
